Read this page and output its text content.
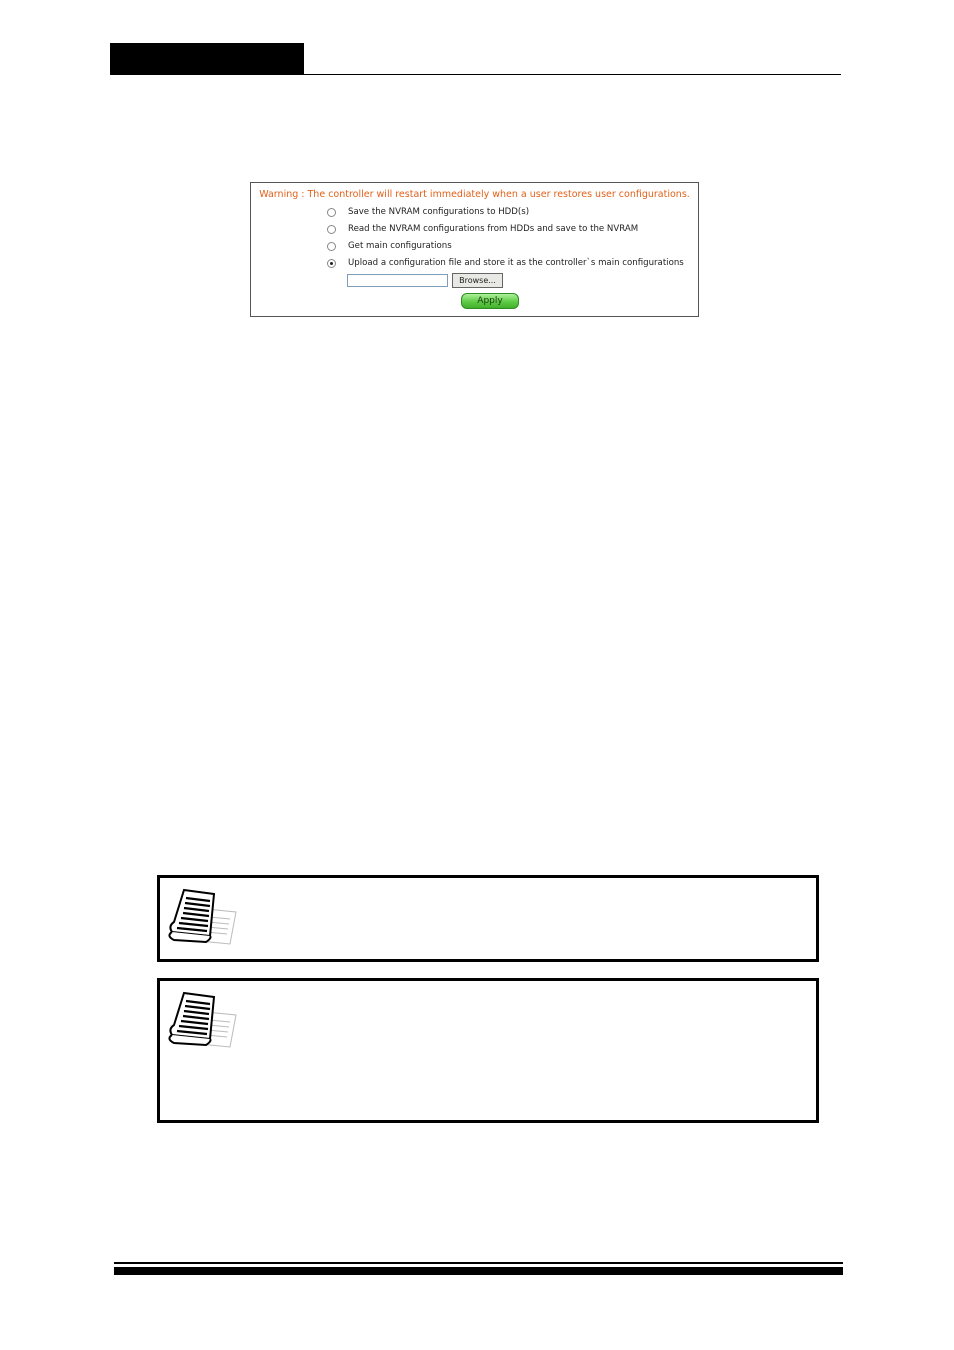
Warning : The controller will restart immediately when a user restores user configurations.
Save the NVRAM configurations to HDD(s)
Read the NVRAM configurations from HDDs and save to the NVRAM
Get main configurations
Upload a configuration file and store it as the controller`s main configurations
Browse...
Apply
